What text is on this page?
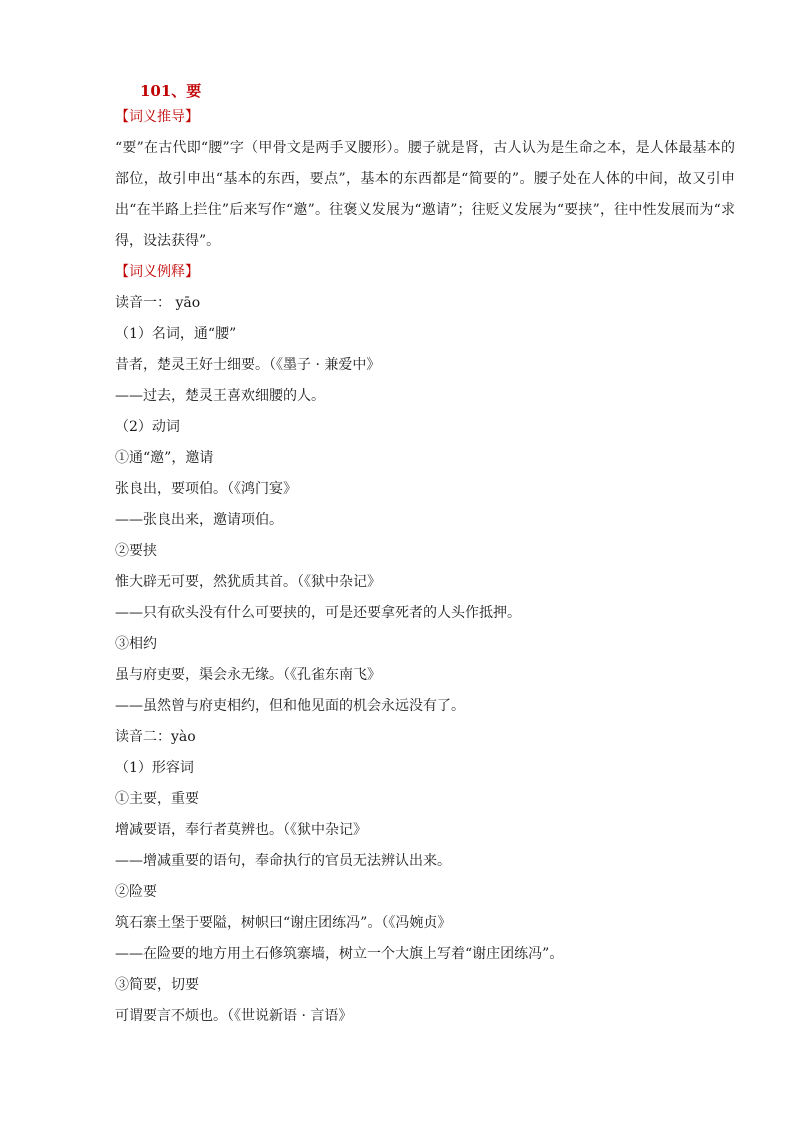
101、要
【词义推导】

“要”在古代即“腰”字（甲骨文是两手叉腰形）。腰子就是肾，古人认为是生命之本，是人体最基本的部位，故引申出“基本的东西，要点”，基本的东西都是“简要的”。腰子处在人体的中间，故又引申出“在半路上拦住”后来写作“邀”。往褒义发展为“邀请”；往贬义发展为“要挟”，往中性发展而为“求得，设法获得”。

【词义例释】
读音一： yāo
（1）名词，通“腰”
昔者，楚灵王好士细要。（《墨子 · 兼爱中》
——过去，楚灵王喜欢细腰的人。
（2）动词
①通“邀”，邀请
张良出，要项伯。（《鸿门宴》
——张良出来，邀请项伯。
②要挟
惟大辟无可要，然犹质其首。（《狱中杂记》
——只有砍头没有什么可要挟的，可是还要拿死者的人头作抵押。
③相约
虽与府吏要，渠会永无缘。（《孔雀东南飞》
——虽然曾与府吏相约，但和他见面的机会永远没有了。
读音二：yào
（1）形容词
①主要，重要
增减要语，奉行者莫辨也。（《狱中杂记》
——增减重要的语句，奉命执行的官员无法辨认出来。
②险要
筑石寨土堡于要隘，树帜曰“谢庄团练冯”。（《冯婉贞》
——在险要的地方用土石修筑寨墙，树立一个大旗上写着“谢庄团练冯”。
③简要，切要
可谓要言不烦也。（《世说新语 · 言语》
